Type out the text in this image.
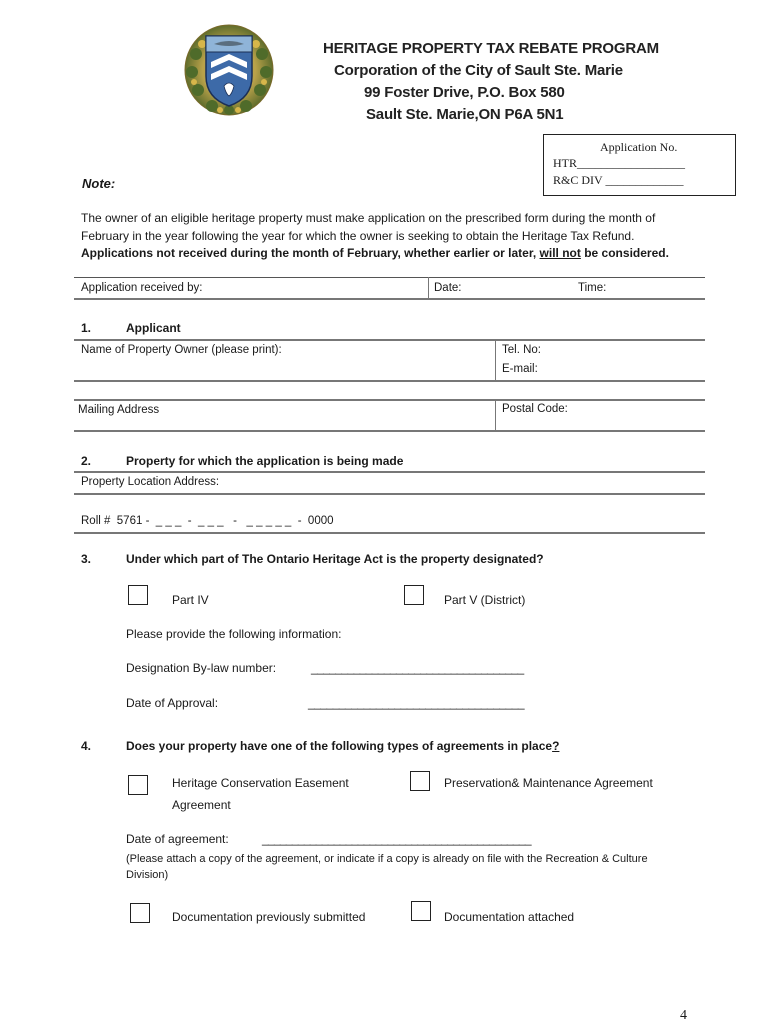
HERITAGE PROPERTY TAX REBATE PROGRAM
Corporation of the City of Sault Ste. Marie
99 Foster Drive, P.O. Box 580
Sault Ste. Marie,ON P6A 5N1
Application No.
HTR__________________
R&C DIV _____________
Note:
The owner of an eligible heritage property must make application on the prescribed form during the month of
February in the year following the year for which the owner is seeking to obtain the Heritage Tax Refund.
Applications not received during the month of February, whether earlier or later, will not be considered.
Application received by:	Date:	Time:
1.	Applicant
Name of Property Owner (please print):	Tel. No:
E-mail:
Mailing Address	Postal Code:
2.	Property for which the application is being made
Property Location Address:
Roll #  5761 -  _ _ _  -  _ _ _   -   _ _ _ _ _  -  0000
3.	Under which part of The Ontario Heritage Act is the property designated?
Part IV	Part V (District)
Please provide the following information:
Designation By-law number:	___________________________________
Date of Approval:	___________________________________
4.	Does your property have one of the following types of agreements in place?
Heritage Conservation Easement
Agreement
Preservation& Maintenance Agreement
Date of agreement:	_____________________________________________
(Please attach a copy of the agreement, or indicate if a copy is already on file with the Recreation & Culture
Division)
Documentation previously submitted	Documentation attached
4
